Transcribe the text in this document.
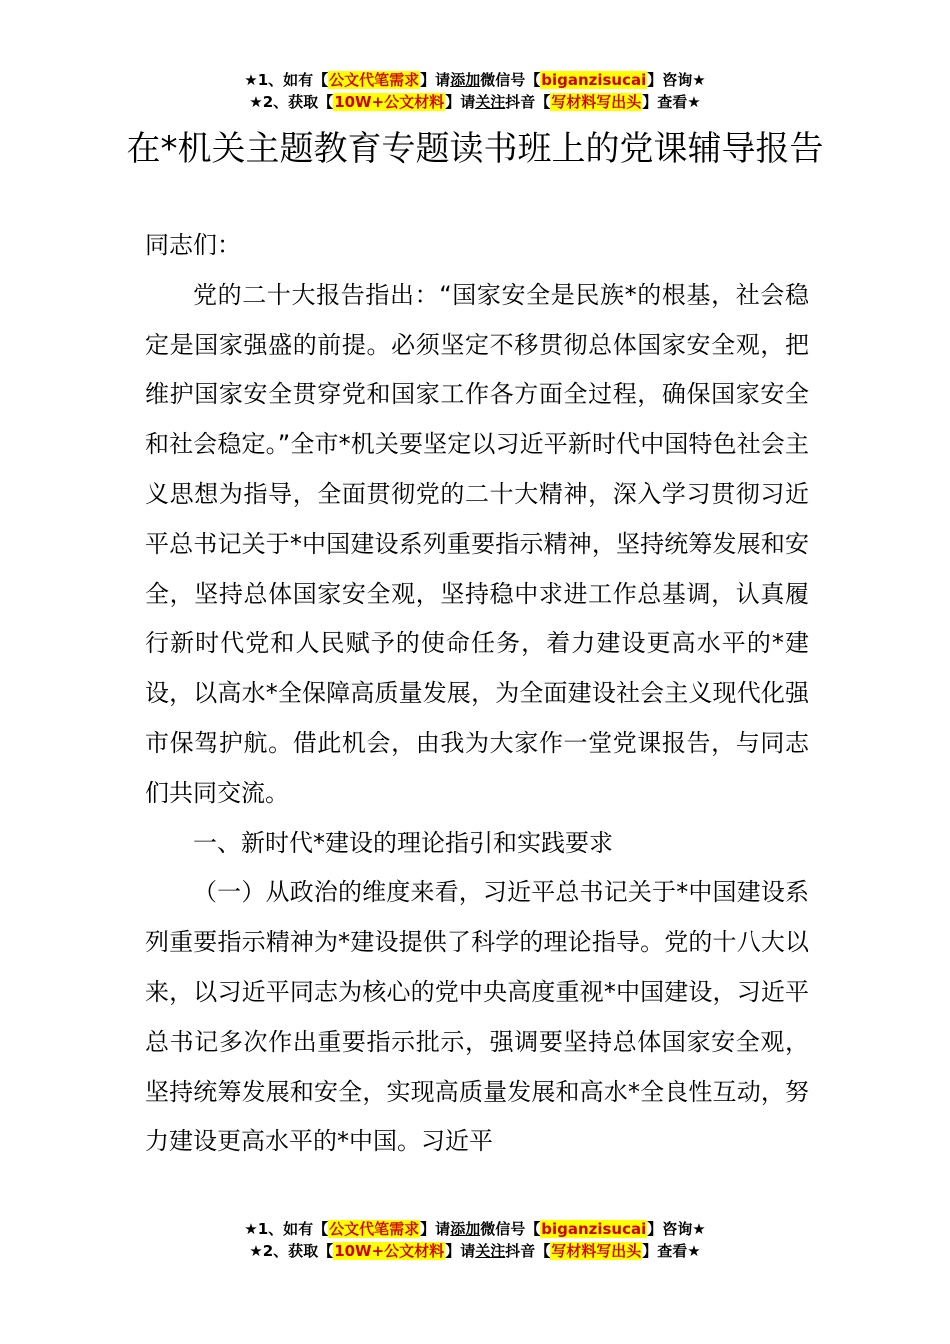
★1、如有【公文代笔需求】请添加微信号【biganzisucai】咨询★
★2、获取【10W+公文材料】请关注抖音【写材料写出头】查看★
在*机关主题教育专题读书班上的党课辅导报告

同志们：

党的二十大报告指出：“国家安全是民族*的根基，社会稳定是国家强盛的前提。必须坚定不移贯彻总体国家安全观，把维护国家安全贯穿党和国家工作各方面全过程，确保国家安全和社会稳定。”全市*机关要坚定以习近平新时代中国特色社会主义思想为指导，全面贯彻党的二十大精神，深入学习贯彻习近平总书记关于*中国建设系列重要指示精神，坚持统筹发展和安全，坚持总体国家安全观，坚持稳中求进工作总基调，认真履行新时代党和人民赋予的使命任务，着力建设更高水平的*建设，以高水*全保障高质量发展，为全面建设社会主义现代化强市保驾护航。借此机会，由我为大家作一堂党课报告，与同志们共同交流。

一、新时代*建设的理论指引和实践要求

（一）从政治的维度来看，习近平总书记关于*中国建设系列重要指示精神为*建设提供了科学的理论指导。党的十八大以来，以习近平同志为核心的党中央高度重视*中国建设，习近平总书记多次作出重要指示批示，强调要坚持总体国家安全观，坚持统筹发展和安全，实现高质量发展和高水*全良性互动，努力建设更高水平的*中国。习近平

★1、如有【公文代笔需求】请添加微信号【biganzisucai】咨询★
★2、获取【10W+公文材料】请关注抖音【写材料写出头】查看★
